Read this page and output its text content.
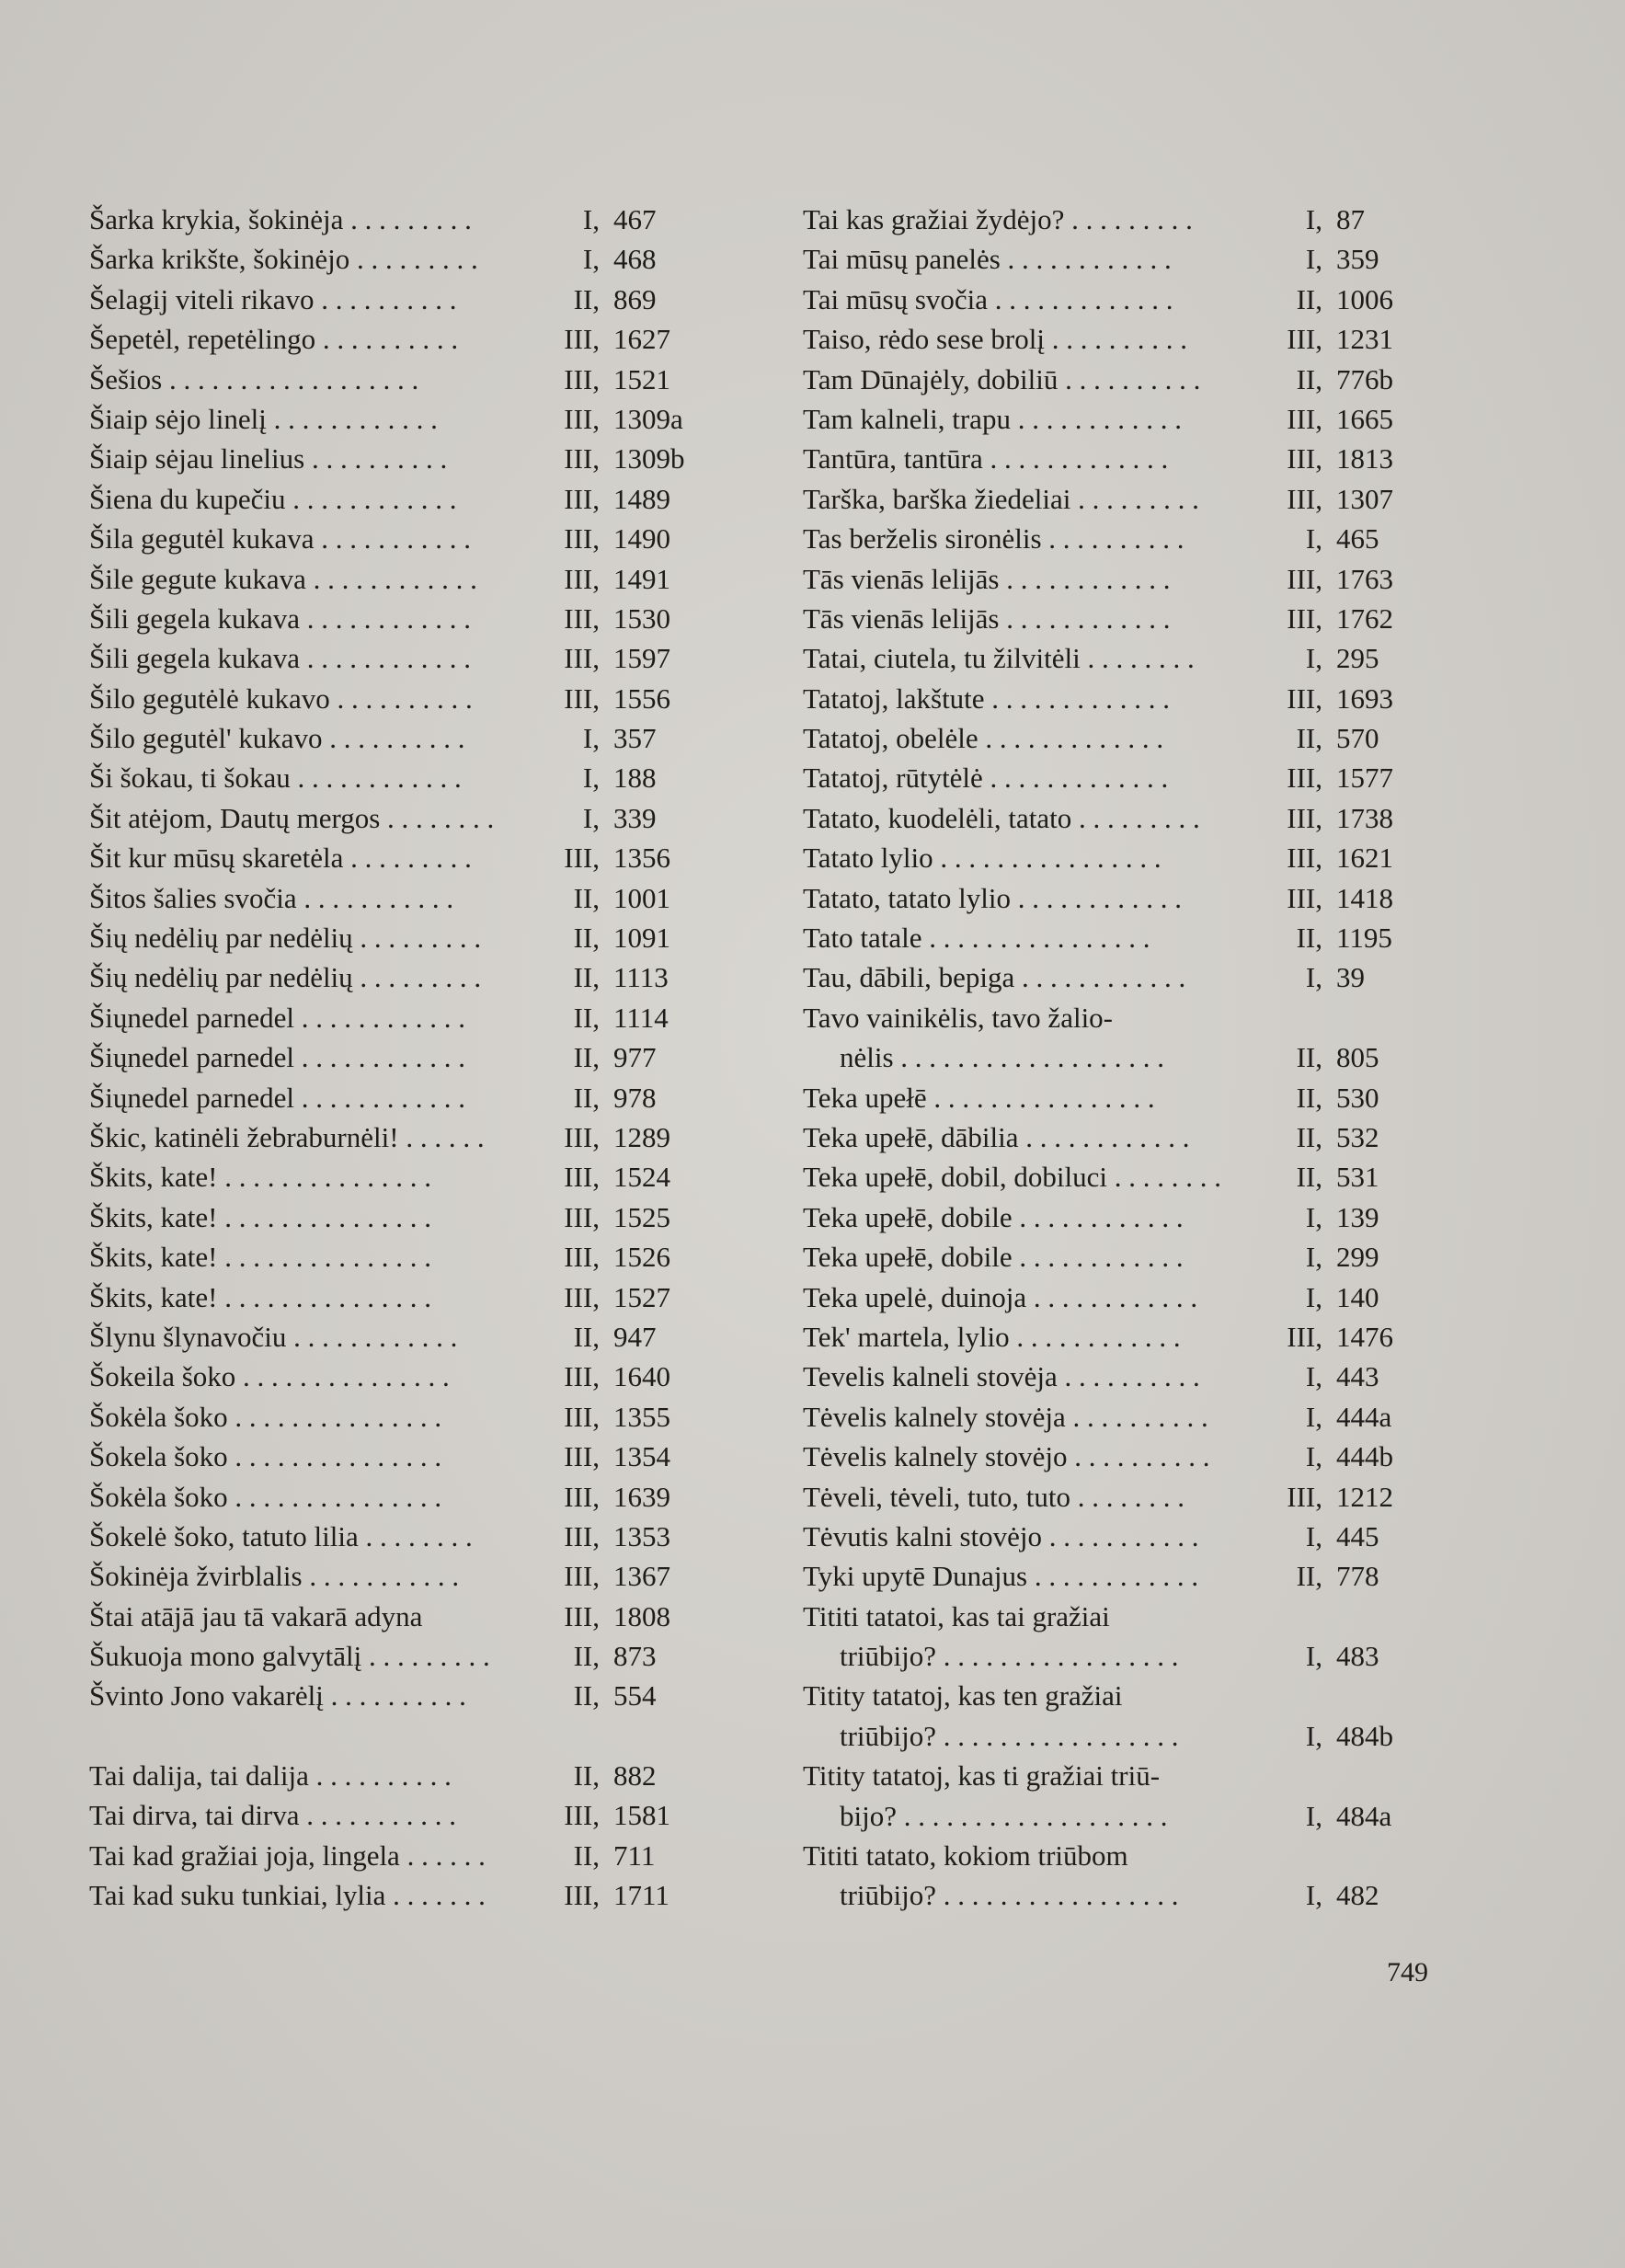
Šarka krykia, šokinėja . . . . . . . . .	I, 467
Šarka krikšte, šokinėjo . . . . . . . . .	I, 468
Šelagij viteli rikavo . . . . . . . . . .	II, 869
Šepetėl, repetėlingo . . . . . . . . . .	III, 1627
Šešios . . . . . . . . . . . . . . . . . .	III, 1521
Šiaip sėjo linelį . . . . . . . . . . . .	III, 1309a
Šiaip sėjau linelius . . . . . . . . . .	III, 1309b
Šiena du kupečiu . . . . . . . . . . . .	III, 1489
Šila gegutėl kukava . . . . . . . . . . .	III, 1490
Šile gegute kukava . . . . . . . . . . . .	III, 1491
Šili gegela kukava . . . . . . . . . . . .	III, 1530
Šili gegela kukava . . . . . . . . . . . .	III, 1597
Šilo gegutėlė kukavo . . . . . . . . . .	III, 1556
Šilo gegutėl' kukavo . . . . . . . . . .	I, 357
Ši šokau, ti šokau . . . . . . . . . . . .	I, 188
Šit atėjom, Dautų mergos . . . . . . . .	I, 339
Šit kur mūsų skaretėla . . . . . . . . .	III, 1356
Šitos šalies svočia . . . . . . . . . . .	II, 1001
Šių nedėlių par nedėlių . . . . . . . . .	II, 1091
Šių nedėlių par nedėlių . . . . . . . . .	II, 1113
Šiųnedel parnedel . . . . . . . . . . . .	II, 1114
Šiųnedel parnedel . . . . . . . . . . . .	II, 977
Šiųnedel parnedel . . . . . . . . . . . .	II, 978
Škic, katinėli žebraburnėli! . . . . . .	III, 1289
Škits, kate! . . . . . . . . . . . . . . .	III, 1524
Škits, kate! . . . . . . . . . . . . . . .	III, 1525
Škits, kate! . . . . . . . . . . . . . . .	III, 1526
Škits, kate! . . . . . . . . . . . . . . .	III, 1527
Šlynu šlynavočiu . . . . . . . . . . . .	II, 947
Šokeila šoko . . . . . . . . . . . . . . .	III, 1640
Šokėla šoko . . . . . . . . . . . . . . .	III, 1355
Šokela šoko . . . . . . . . . . . . . . .	III, 1354
Šokėla šoko . . . . . . . . . . . . . . .	III, 1639
Šokelė šoko, tatuto lilia . . . . . . . .	III, 1353
Šokinėja žvirblalis . . . . . . . . . . .	III, 1367
Štai atājā jau tā vakarā adyna	III, 1808
Šukuoja mono galvytālį . . . . . . . . .	II, 873
Švinto Jono vakarėlį . . . . . . . . . .	II, 554
Tai dalija, tai dalija . . . . . . . . . .	II, 882
Tai dirva, tai dirva . . . . . . . . . . .	III, 1581
Tai kad gražiai joja, lingela . . . . . .	II, 711
Tai kad suku tunkiai, lylia . . . . . . .	III, 1711
Tai kas gražiai žydėjo? . . . . . . . . .	I, 87
Tai mūsų panelės . . . . . . . . . . . .	I, 359
Tai mūsų svočia . . . . . . . . . . . . .	II, 1006
Taiso, rėdo sese brolį . . . . . . . . . .	III, 1231
Tam Dūnajėly, dobiliū . . . . . . . . . .	II, 776b
Tam kalneli, trapu . . . . . . . . . . . .	III, 1665
Tantūra, tantūra . . . . . . . . . . . . .	III, 1813
Tarška, barška žiedeliai . . . . . . . . .	III, 1307
Tas berželis sironėlis . . . . . . . . . .	I, 465
Tās vienās lelijās . . . . . . . . . . . .	III, 1763
Tās vienās lelijās . . . . . . . . . . . .	III, 1762
Tatai, ciutela, tu žilvitėli . . . . . . . .	I, 295
Tatatoj, lakštute . . . . . . . . . . . . .	III, 1693
Tatatoj, obelėle . . . . . . . . . . . . .	II, 570
Tatatoj, rūtytėlė . . . . . . . . . . . . .	III, 1577
Tatato, kuodelėli, tatato . . . . . . . . .	III, 1738
Tatato lylio . . . . . . . . . . . . . . . .	III, 1621
Tatato, tatato lylio . . . . . . . . . . . .	III, 1418
Tato tatale . . . . . . . . . . . . . . . .	II, 1195
Tau, dābili, bepiga . . . . . . . . . . . .	I, 39
Tavo vainikėlis, tavo žalio-
nėlis . . . . . . . . . . . . . . . . . . .	II, 805
Teka upełē . . . . . . . . . . . . . . . .	II, 530
Teka upełē, dābilia . . . . . . . . . . . .	II, 532
Teka upełē, dobil, dobiluci . . . . . . . .	II, 531
Teka upełē, dobile . . . . . . . . . . . .	I, 139
Teka upełē, dobile . . . . . . . . . . . .	I, 299
Teka upelė, duinoja . . . . . . . . . . . .	I, 140
Tek' martela, lylio . . . . . . . . . . . .	III, 1476
Tevelis kalneli stovėja . . . . . . . . . .	I, 443
Tėvelis kalnely stovėja . . . . . . . . . .	I, 444a
Tėvelis kalnely stovėjo . . . . . . . . . .	I, 444b
Tėveli, tėveli, tuto, tuto . . . . . . . .	III, 1212
Tėvutis kalni stovėjo . . . . . . . . . . .	I, 445
Tyki upytē Dunajus . . . . . . . . . . . .	II, 778
Tititi tatatoi, kas tai gražiai
triūbijo? . . . . . . . . . . . . . . . . .	I, 483
Titity tatatoj, kas ten gražiai
triūbijo? . . . . . . . . . . . . . . . . .	I, 484b
Titity tatatoj, kas ti gražiai triū-
bijo? . . . . . . . . . . . . . . . . . . .	I, 484a
Tititi tatato, kokiom triūbom
triūbijo? . . . . . . . . . . . . . . . . .	I, 482
749
